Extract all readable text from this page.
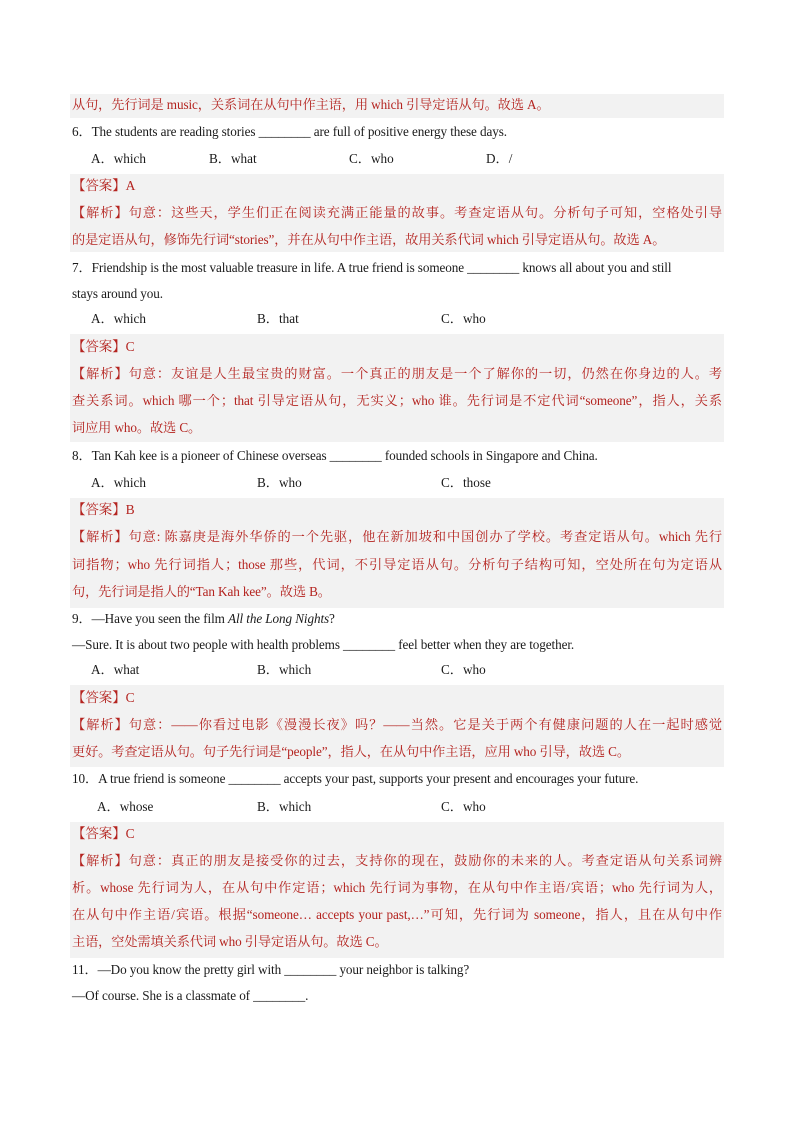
从句，先行词是 music，关系词在从句中作主语，用 which 引导定语从句。故选 A。
6．The students are reading stories ________ are full of positive energy these days.
A．which	B．what	C．who	D．/
【答案】A
【解析】句意：这些天，学生们正在阅读充满正能量的故事。考查定语从句。分析句子可知，空格处引导
的是定语从句，修饰先行词“stories”，并在从句中作主语，故用关系代词 which 引导定语从句。故选 A。
7．Friendship is the most valuable treasure in life. A true friend is someone ________ knows all about you and still
stays around you.
A．which	B．that	C．who
【答案】C
【解析】句意：友谊是人生最宝贵的财富。一个真正的朋友是一个了解你的一切，仍然在你身边的人。考
查关系词。which 哪一个；that 引导定语从句，无实义；who 谁。先行词是不定代词“someone”，指人，关系
词应用 who。故选 C。
8．Tan Kah kee is a pioneer of Chinese overseas ________ founded schools in Singapore and China.
A．which	B．who	C．those
【答案】B
【解析】句意: 陈嘉庚是海外华侨的一个先驱，他在新加坡和中国创办了学校。考查定语从句。which 先行
词指物；who 先行词指人；those 那些，代词，不引导定语从句。分析句子结构可知，空处所在句为定语从
句，先行词是指人的“Tan Kah kee”。故选 B。
9．—Have you seen the film All the Long Nights?
—Sure. It is about two people with health problems ________ feel better when they are together.
A．what	B．which	C．who
【答案】C
【解析】句意：——你看过电影《漫漫长夜》吗？——当然。它是关于两个有健康问题的人在一起时感觉
更好。考查定语从句。句子先行词是“people”，指人，在从句中作主语，应用 who 引导，故选 C。
10．A true friend is someone ________ accepts your past, supports your present and encourages your future.
A．whose	B．which	C．who
【答案】C
【解析】句意：真正的朋友是接受你的过去，支持你的现在，鼓励你的未来的人。考查定语从句关系词辨
析。whose 先行词为人，在从句中作定语；which 先行词为事物，在从句中作主语/宾语；who 先行词为人，
在从句中作主语/宾语。根据“someone… accepts your past,…”可知，先行词为 someone，指人，且在从句中作
主语，空处需填关系代词 who 引导定语从句。故选 C。
11．—Do you know the pretty girl with ________ your neighbor is talking?
—Of course. She is a classmate of ________.
